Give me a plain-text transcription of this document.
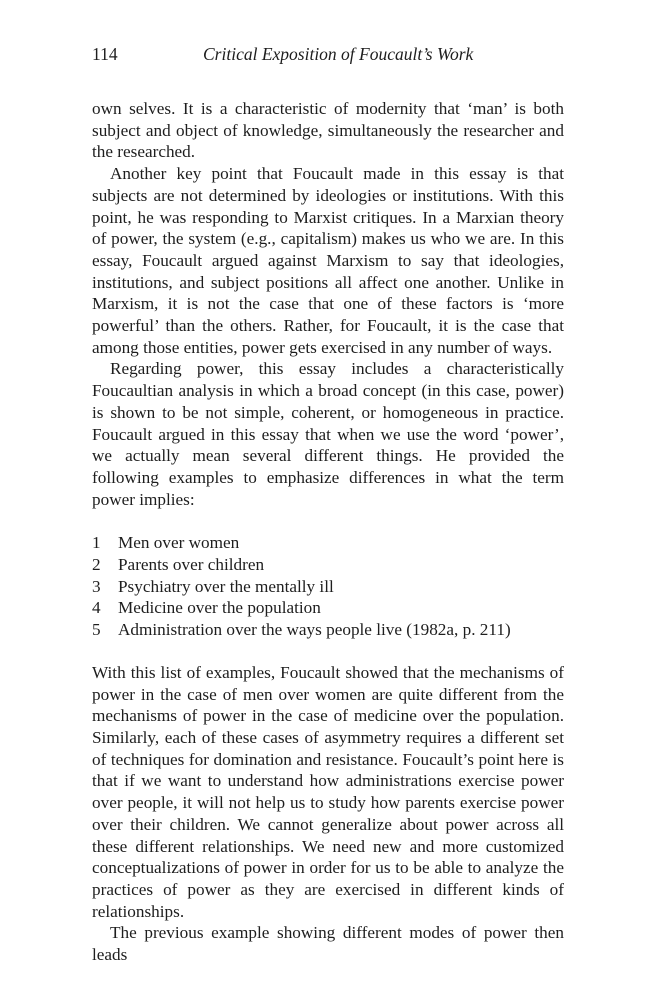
114	Critical Exposition of Foucault’s Work

own selves. It is a characteristic of modernity that ‘man’ is both subject and object of knowledge, simultaneously the researcher and the researched.

Another key point that Foucault made in this essay is that subjects are not determined by ideologies or institutions. With this point, he was responding to Marxist critiques. In a Marxian theory of power, the system (e.g., capitalism) makes us who we are. In this essay, Foucault argued against Marxism to say that ideologies, institutions, and subject positions all affect one another. Unlike in Marxism, it is not the case that one of these factors is ‘more powerful’ than the others. Rather, for Foucault, it is the case that among those entities, power gets exercised in any number of ways.

Regarding power, this essay includes a characteristically Foucaultian analysis in which a broad concept (in this case, power) is shown to be not simple, coherent, or homogeneous in practice. Foucault argued in this essay that when we use the word ‘power’, we actually mean several different things. He provided the following examples to emphasize differences in what the term power implies:

1	Men over women
2	Parents over children
3	Psychiatry over the mentally ill
4	Medicine over the population
5	Administration over the ways people live (1982a, p. 211)

With this list of examples, Foucault showed that the mechanisms of power in the case of men over women are quite different from the mechanisms of power in the case of medicine over the population. Similarly, each of these cases of asymmetry requires a different set of techniques for domination and resistance. Foucault’s point here is that if we want to understand how administrations exercise power over people, it will not help us to study how parents exercise power over their children. We cannot generalize about power across all these different relationships. We need new and more customized conceptualizations of power in order for us to be able to analyze the practices of power as they are exercised in different kinds of relationships.

The previous example showing different modes of power then leads
